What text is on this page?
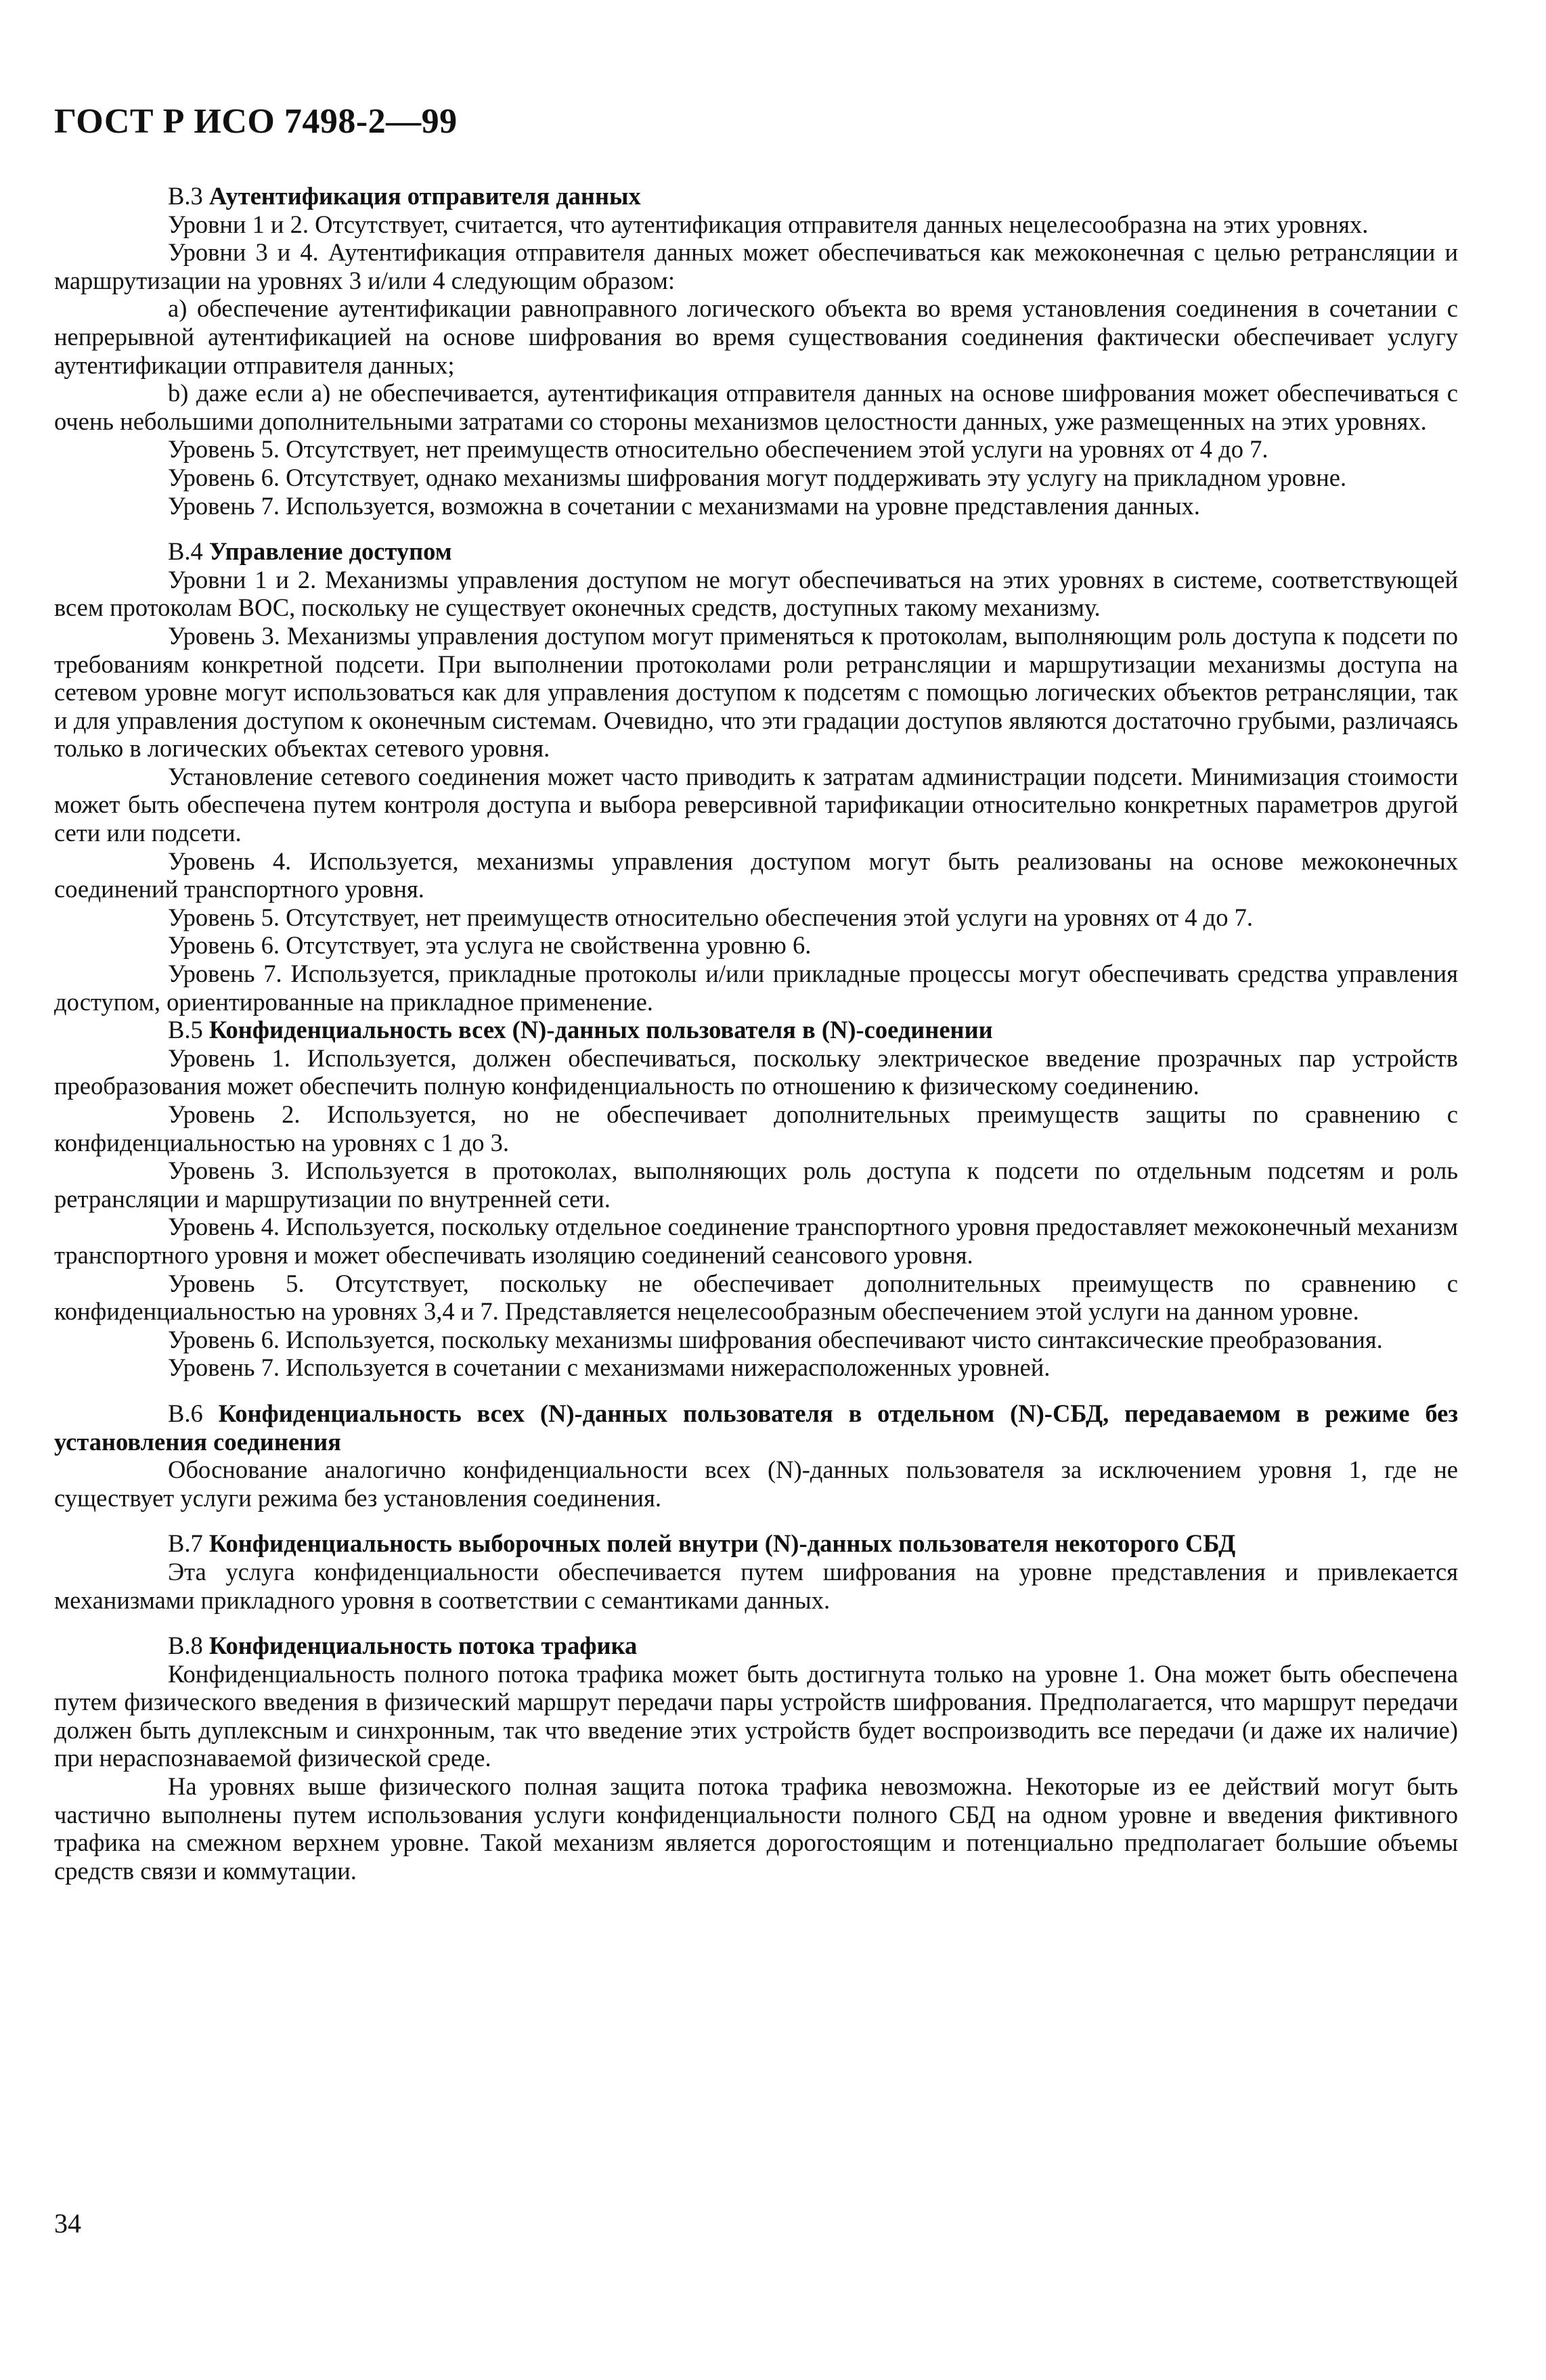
ГОСТ Р ИСО 7498-2—99
B.3 Аутентификация отправителя данных

Уровни 1 и 2. Отсутствует, считается, что аутентификация отправителя данных нецелесообразна на этих уровнях.

Уровни 3 и 4. Аутентификация отправителя данных может обеспечиваться как межоконечная с целью ретрансляции и маршрутизации на уровнях 3 и/или 4 следующим образом:

а) обеспечение аутентификации равноправного логического объекта во время установления соединения в сочетании с непрерывной аутентификацией на основе шифрования во время существования соединения фактически обеспечивает услугу аутентификации отправителя данных;

b) даже если а) не обеспечивается, аутентификация отправителя данных на основе шифрования может обеспечиваться с очень небольшими дополнительными затратами со стороны механизмов целостности данных, уже размещенных на этих уровнях.

Уровень 5. Отсутствует, нет преимуществ относительно обеспечением этой услуги на уровнях от 4 до 7.

Уровень 6. Отсутствует, однако механизмы шифрования могут поддерживать эту услугу на прикладном уровне.

Уровень 7. Используется, возможна в сочетании с механизмами на уровне представления данных.

B.4 Управление доступом

Уровни 1 и 2. Механизмы управления доступом не могут обеспечиваться на этих уровнях в системе, соответствующей всем протоколам ВОС, поскольку не существует оконечных средств, доступных такому механизму.

Уровень 3. Механизмы управления доступом могут применяться к протоколам, выполняющим роль доступа к подсети по требованиям конкретной подсети. При выполнении протоколами роли ретрансляции и маршрутизации механизмы доступа на сетевом уровне могут использоваться как для управления доступом к подсетям с помощью логических объектов ретрансляции, так и для управления доступом к оконечным системам. Очевидно, что эти градации доступов являются достаточно грубыми, различаясь только в логических объектах сетевого уровня.

Установление сетевого соединения может часто приводить к затратам администрации подсети. Минимизация стоимости может быть обеспечена путем контроля доступа и выбора реверсивной тарификации относительно конкретных параметров другой сети или подсети.

Уровень 4. Используется, механизмы управления доступом могут быть реализованы на основе межоконечных соединений транспортного уровня.

Уровень 5. Отсутствует, нет преимуществ относительно обеспечения этой услуги на уровнях от 4 до 7.

Уровень 6. Отсутствует, эта услуга не свойственна уровню 6.

Уровень 7. Используется, прикладные протоколы и/или прикладные процессы могут обеспечивать средства управления доступом, ориентированные на прикладное применение.

B.5 Конфиденциальность всех (N)-данных пользователя в (N)-соединении

Уровень 1. Используется, должен обеспечиваться, поскольку электрическое введение прозрачных пар устройств преобразования может обеспечить полную конфиденциальность по отношению к физическому соединению.

Уровень 2. Используется, но не обеспечивает дополнительных преимуществ защиты по сравнению с конфиденциальностью на уровнях с 1 до 3.

Уровень 3. Используется в протоколах, выполняющих роль доступа к подсети по отдельным подсетям и роль ретрансляции и маршрутизации по внутренней сети.

Уровень 4. Используется, поскольку отдельное соединение транспортного уровня предоставляет межоконечный механизм транспортного уровня и может обеспечивать изоляцию соединений сеансового уровня.

Уровень 5. Отсутствует, поскольку не обеспечивает дополнительных преимуществ по сравнению с конфиденциальностью на уровнях 3,4 и 7. Представляется нецелесообразным обеспечением этой услуги на данном уровне.

Уровень 6. Используется, поскольку механизмы шифрования обеспечивают чисто синтаксические преобразования.

Уровень 7. Используется в сочетании с механизмами нижерасположенных уровней.

B.6 Конфиденциальность всех (N)-данных пользователя в отдельном (N)-СБД, передаваемом в режиме без установления соединения

Обоснование аналогично конфиденциальности всех (N)-данных пользователя за исключением уровня 1, где не существует услуги режима без установления соединения.

B.7 Конфиденциальность выборочных полей внутри (N)-данных пользователя некоторого СБД

Эта услуга конфиденциальности обеспечивается путем шифрования на уровне представления и привлекается механизмами прикладного уровня в соответствии с семантиками данных.

B.8 Конфиденциальность потока трафика

Конфиденциальность полного потока трафика может быть достигнута только на уровне 1. Она может быть обеспечена путем физического введения в физический маршрут передачи пары устройств шифрования. Предполагается, что маршрут передачи должен быть дуплексным и синхронным, так что введение этих устройств будет воспроизводить все передачи (и даже их наличие) при нераспознаваемой физической среде.

На уровнях выше физического полная защита потока трафика невозможна. Некоторые из ее действий могут быть частично выполнены путем использования услуги конфиденциальности полного СБД на одном уровне и введения фиктивного трафика на смежном верхнем уровне. Такой механизм является дорогостоящим и потенциально предполагает большие объемы средств связи и коммутации.

34
